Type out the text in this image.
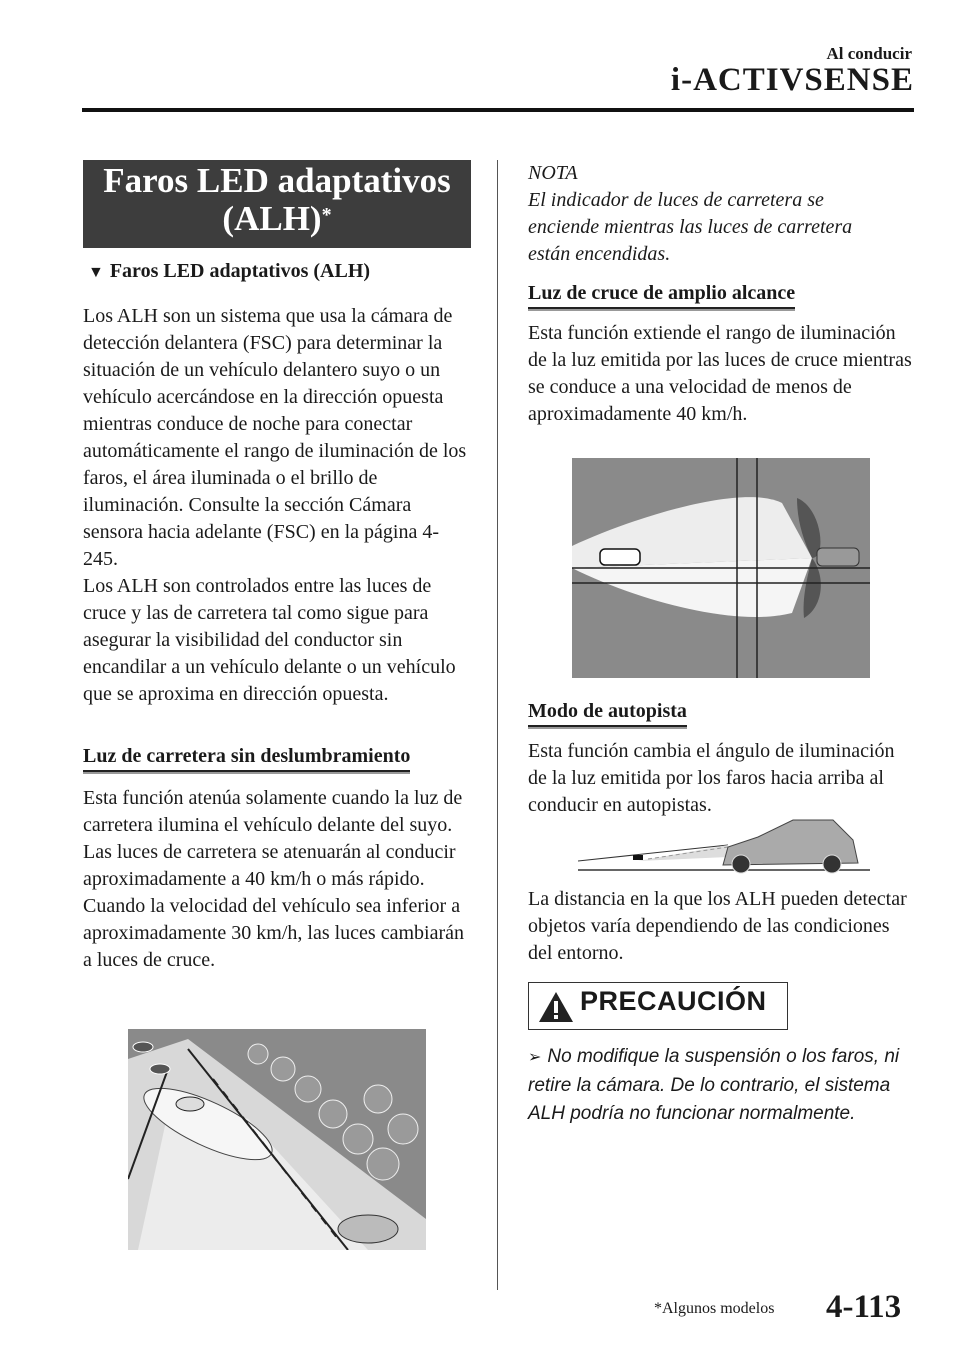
Al conducir
i-ACTIVSENSE
Faros LED adaptativos
(ALH)*
▼ Faros LED adaptativos (ALH)

Los ALH son un sistema que usa la cámara de detección delantera (FSC) para determinar la situación de un vehículo delantero suyo o un vehículo acercándose en la dirección opuesta mientras conduce de noche para conectar automáticamente el rango de iluminación de los faros, el área iluminada o el brillo de iluminación. Consulte la sección Cámara sensora hacia adelante (FSC) en la página 4-245.

Los ALH son controlados entre las luces de cruce y las de carretera tal como sigue para asegurar la visibilidad del conductor sin encandilar a un vehículo delante o un vehículo que se aproxima en dirección opuesta.

Luz de carretera sin deslumbramiento

Esta función atenúa solamente cuando la luz de carretera ilumina el vehículo delante del suyo.

Las luces de carretera se atenuarán al conducir aproximadamente a 40 km/h o más rápido. Cuando la velocidad del vehículo sea inferior a aproximadamente 30 km/h, las luces cambiarán a luces de cruce.

NOTA

El indicador de luces de carretera se enciende mientras las luces de carretera están encendidas.

Luz de cruce de amplio alcance

Esta función extiende el rango de iluminación de la luz emitida por las luces de cruce mientras se conduce a una velocidad de menos de aproximadamente 40 km/h.

Modo de autopista

Esta función cambia el ángulo de iluminación de la luz emitida por los faros hacia arriba al conducir en autopistas.

La distancia en la que los ALH pueden detectar objetos varía dependiendo de las condiciones del entorno.

PRECAUCIÓN
➢ No modifique la suspensión o los faros, ni retire la cámara. De lo contrario, el sistema ALH podría no funcionar normalmente.
*Algunos modelos 4-113
